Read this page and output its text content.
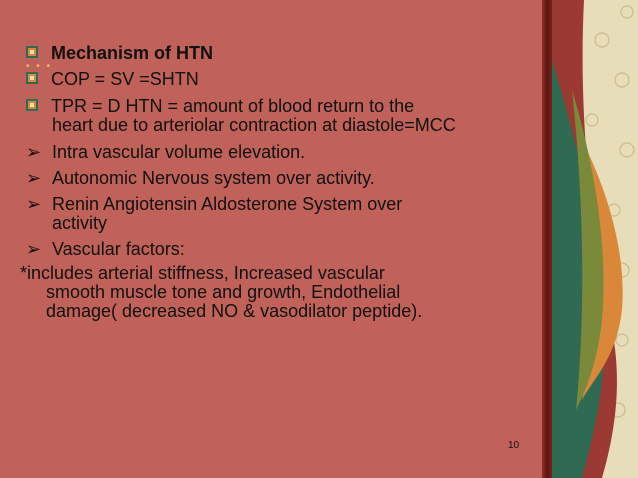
Mechanism of HTN
• • •
COP = SV =SHTN
TPR = D HTN = amount of blood return to the
heart due to arteriolar contraction at diastole=MCC
➢ Intra vascular volume elevation.
➢ Autonomic Nervous system over activity.
➢ Renin Angiotensin Aldosterone System over
activity
➢ Vascular factors:
*includes arterial stiffness, Increased vascular
smooth muscle tone and growth, Endothelial
damage( decreased NO & vasodilator peptide).
10
